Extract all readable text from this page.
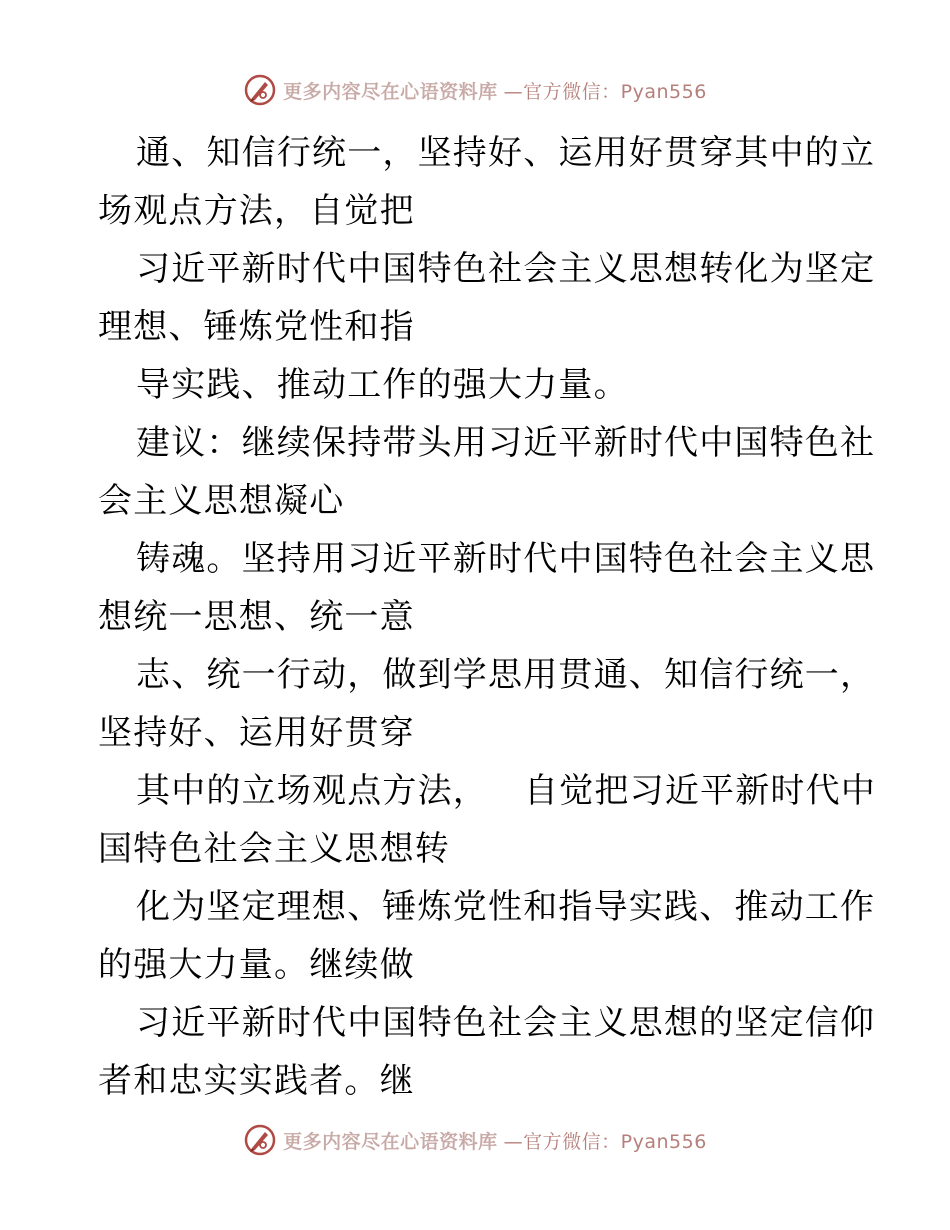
更多内容尽在心语资料库 —官方微信：Pyan556
通、知信行统一，坚持好、运用好贯穿其中的立
场观点方法，自觉把
习近平新时代中国特色社会主义思想转化为坚定
理想、锤炼党性和指
导实践、推动工作的强大力量。
建议：继续保持带头用习近平新时代中国特色社
会主义思想凝心
铸魂。坚持用习近平新时代中国特色社会主义思
想统一思想、统一意
志、统一行动，做到学思用贯通、知信行统一，
坚持好、运用好贯穿
其中的立场观点方法，   自觉把习近平新时代中
国特色社会主义思想转
化为坚定理想、锤炼党性和指导实践、推动工作
的强大力量。继续做
习近平新时代中国特色社会主义思想的坚定信仰
者和忠实实践者。继
更多内容尽在心语资料库 —官方微信：Pyan556
